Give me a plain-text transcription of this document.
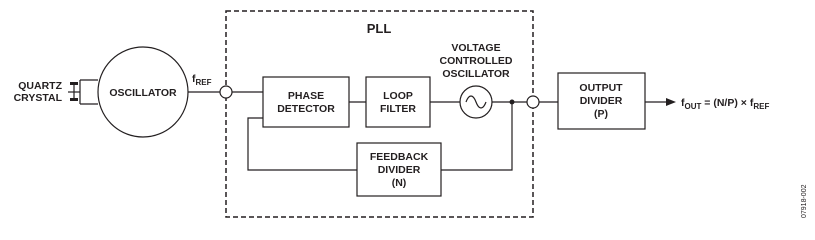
PLL
QUARTZ
CRYSTAL	OSCILLATOR
$f_{REF}$
PHASE
DETECTOR
LOOP
FILTER
VOLTAGE
CONTROLLED
OSCILLATOR
FEEDBACK
DIVIDER
(N)
OUTPUT
DIVIDER
(P)
$f_{OUT} = (N/P) \times f_{REF}$
07918-002
